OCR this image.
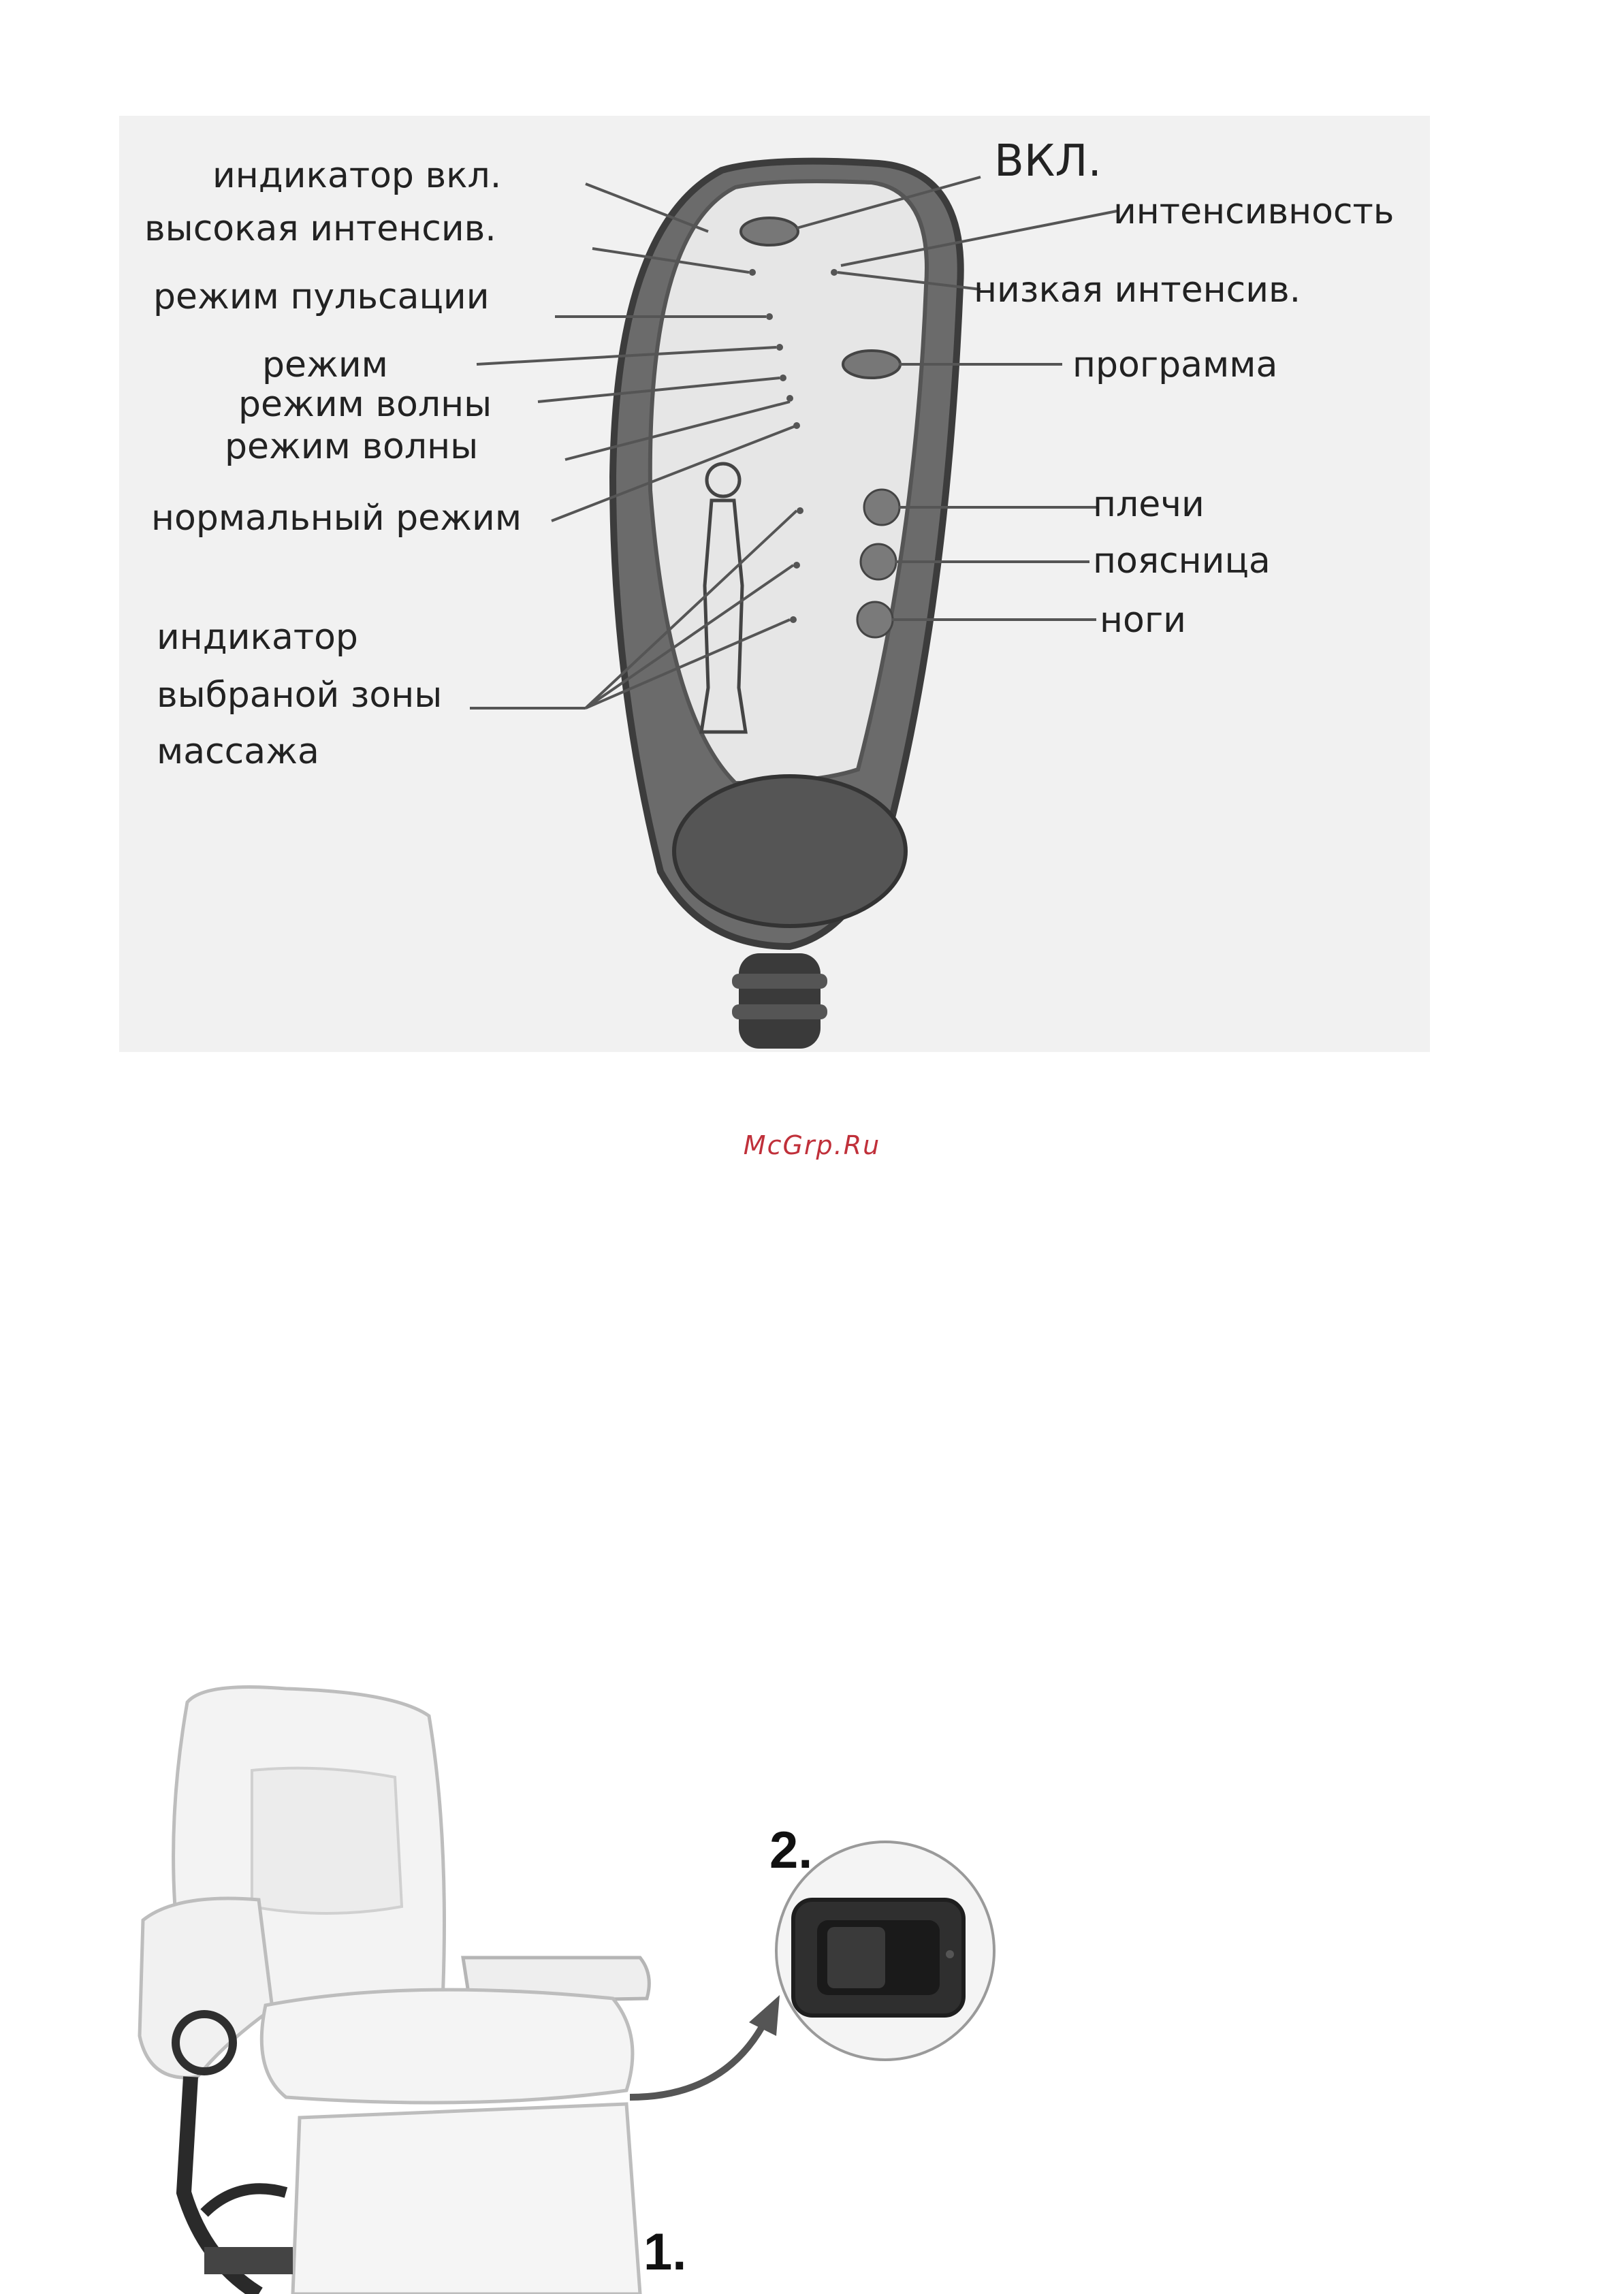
индикатор вкл.
высокая интенсив.
режим пульсации
режим
режим волны
режим волны
нормальный режим
индикатор
выбраной зоны
массажа
ВКЛ.
интенсивность
низкая интенсив.
программа
плечи
поясница
ноги
McGrp.Ru
2.
1.
